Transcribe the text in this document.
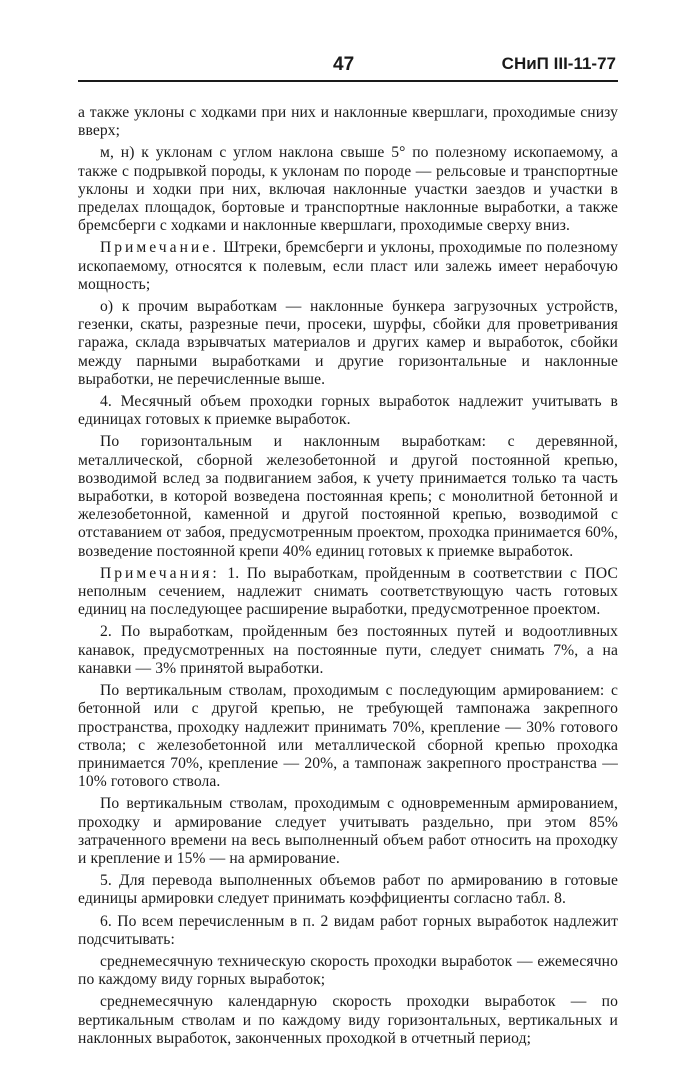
47	СНиП III-11-77

а также уклоны с ходками при них и наклонные квершлаги, проходимые снизу вверх;

м, н) к уклонам с углом наклона свыше 5° по полезному ископаемому, а также с подрывкой породы, к уклонам по породе — рельсовые и транспортные уклоны и ходки при них, включая наклонные участки заездов и участки в пределах площадок, бортовые и транспортные наклонные выработки, а также бремсберги с ходками и наклонные квершлаги, проходимые сверху вниз.

Примечание. Штреки, бремсберги и уклоны, проходимые по полезному ископаемому, относятся к полевым, если пласт или залежь имеет нерабочую мощность;

о) к прочим выработкам — наклонные бункера загрузочных устройств, гезенки, скаты, разрезные печи, просеки, шурфы, сбойки для проветривания гаража, склада взрывчатых материалов и других камер и выработок, сбойки между парными выработками и другие горизонтальные и наклонные выработки, не перечисленные выше.

4. Месячный объем проходки горных выработок надлежит учитывать в единицах готовых к приемке выработок.

По горизонтальным и наклонным выработкам: с деревянной, металлической, сборной железобетонной и другой постоянной крепью, возводимой вслед за подвиганием забоя, к учету принимается только та часть выработки, в которой возведена постоянная крепь; с монолитной бетонной и железобетонной, каменной и другой постоянной крепью, возводимой с отставанием от забоя, предусмотренным проектом, проходка принимается 60%, возведение постоянной крепи 40% единиц готовых к приемке выработок.

Примечания: 1. По выработкам, пройденным в соответствии с ПОС неполным сечением, надлежит снимать соответствующую часть готовых единиц на последующее расширение выработки, предусмотренное проектом.

2. По выработкам, пройденным без постоянных путей и водоотливных канавок, предусмотренных на постоянные пути, следует снимать 7%, а на канавки — 3% принятой выработки.

По вертикальным стволам, проходимым с последующим армированием: с бетонной или с другой крепью, не требующей тампонажа закрепного пространства, проходку надлежит принимать 70%, крепление — 30% готового ствола; с железобетонной или металлической сборной крепью проходка принимается 70%, крепление — 20%, а тампонаж закрепного пространства — 10% готового ствола.

По вертикальным стволам, проходимым с одновременным армированием, проходку и армирование следует учитывать раздельно, при этом 85% затраченного времени на весь выполненный объем работ относить на проходку и крепление и 15% — на армирование.

5. Для перевода выполненных объемов работ по армированию в готовые единицы армировки следует принимать коэффициенты согласно табл. 8.

6. По всем перечисленным в п. 2 видам работ горных выработок надлежит подсчитывать:

среднемесячную техническую скорость проходки выработок — ежемесячно по каждому виду горных выработок;

среднемесячную календарную скорость проходки выработок — по вертикальным стволам и по каждому виду горизонтальных, вертикальных и наклонных выработок, законченных проходкой в отчетный период;
